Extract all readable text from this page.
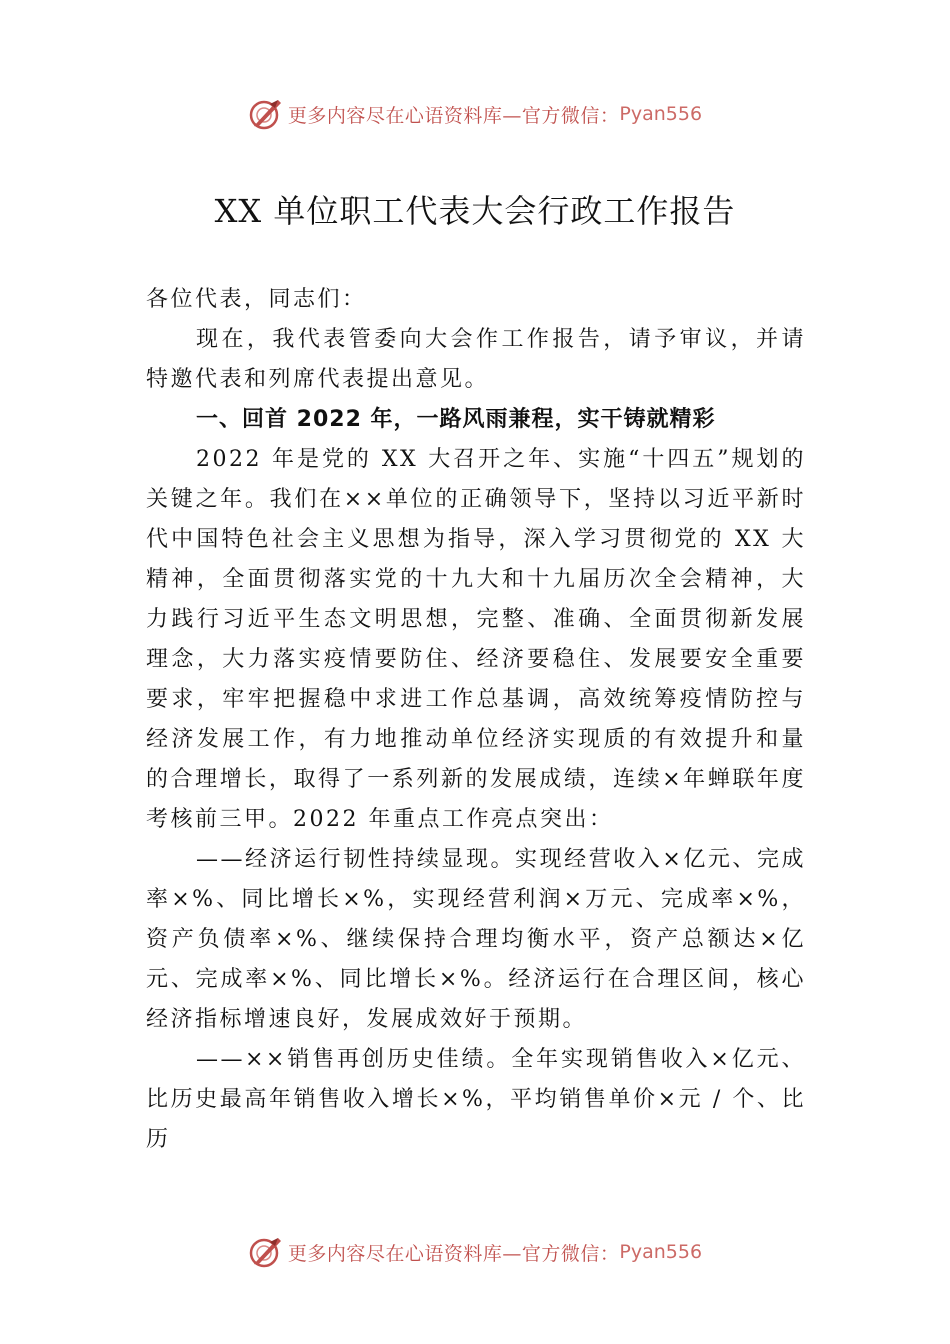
更多内容尽在心语资料库—官方微信： Pyan556
XX 单位职工代表大会行政工作报告

各位代表，同志们：

现在，我代表管委向大会作工作报告，请予审议，并请特邀代表和列席代表提出意见。

一、回首 2022 年，一路风雨兼程，实干铸就精彩

2022 年是党的 XX 大召开之年、实施“十四五”规划的关键之年。我们在××单位的正确领导下，坚持以习近平新时代中国特色社会主义思想为指导，深入学习贯彻党的 XX 大精神，全面贯彻落实党的十九大和十九届历次全会精神，大力践行习近平生态文明思想，完整、准确、全面贯彻新发展理念，大力落实疫情要防住、经济要稳住、发展要安全重要要求，牢牢把握稳中求进工作总基调，高效统筹疫情防控与经济发展工作，有力地推动单位经济实现质的有效提升和量的合理增长，取得了一系列新的发展成绩，连续×年蝉联年度考核前三甲。2022 年重点工作亮点突出：

——经济运行韧性持续显现。实现经营收入×亿元、完成率×%、同比增长×%，实现经营利润×万元、完成率×%，资产负债率×%、继续保持合理均衡水平，资产总额达×亿元、完成率×%、同比增长×%。经济运行在合理区间，核心经济指标增速良好，发展成效好于预期。

——××销售再创历史佳绩。全年实现销售收入×亿元、比历史最高年销售收入增长×%，平均销售单价×元 / 个、比历

更多内容尽在心语资料库—官方微信： Pyan556
